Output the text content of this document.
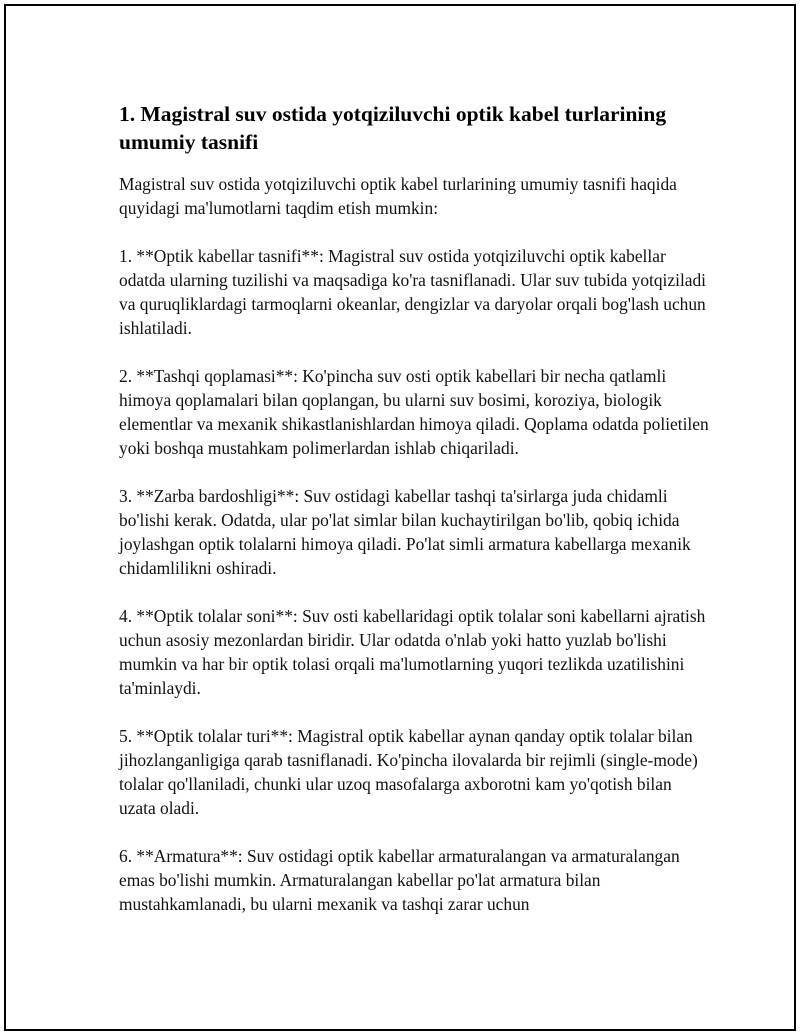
1. Magistral suv ostida yotqiziluvchi optik kabel turlarining umumiy tasnifi

Magistral suv ostida yotqiziluvchi optik kabel turlarining umumiy tasnifi haqida quyidagi ma'lumotlarni taqdim etish mumkin:

1. **Optik kabellar tasnifi**: Magistral suv ostida yotqiziluvchi optik kabellar odatda ularning tuzilishi va maqsadiga ko'ra tasniflanadi. Ular suv tubida yotqiziladi va quruqliklardagi tarmoqlarni okeanlar, dengizlar va daryolar orqali bog'lash uchun ishlatiladi.

2. **Tashqi qoplamasi**: Ko'pincha suv osti optik kabellari bir necha qatlamli himoya qoplamalari bilan qoplangan, bu ularni suv bosimi, koroziya, biologik elementlar va mexanik shikastlanishlardan himoya qiladi. Qoplama odatda polietilen yoki boshqa mustahkam polimerlardan ishlab chiqariladi.

3. **Zarba bardoshligi**: Suv ostidagi kabellar tashqi ta'sirlarga juda chidamli bo'lishi kerak. Odatda, ular po'lat simlar bilan kuchaytirilgan bo'lib, qobiq ichida joylashgan optik tolalarni himoya qiladi. Po'lat simli armatura kabellarga mexanik chidamlilikni oshiradi.

4. **Optik tolalar soni**: Suv osti kabellaridagi optik tolalar soni kabellarni ajratish uchun asosiy mezonlardan biridir. Ular odatda o'nlab yoki hatto yuzlab bo'lishi mumkin va har bir optik tolasi orqali ma'lumotlarning yuqori tezlikda uzatilishini ta'minlaydi.

5. **Optik tolalar turi**: Magistral optik kabellar aynan qanday optik tolalar bilan jihozlanganligiga qarab tasniflanadi. Ko'pincha ilovalarda bir rejimli (single-mode) tolalar qo'llaniladi, chunki ular uzoq masofalarga axborotni kam yo'qotish bilan uzata oladi.

6. **Armatura**: Suv ostidagi optik kabellar armaturalangan va armaturalangan emas bo'lishi mumkin. Armaturalangan kabellar po'lat armatura bilan mustahkamlanadi, bu ularni mexanik va tashqi zarar uchun
